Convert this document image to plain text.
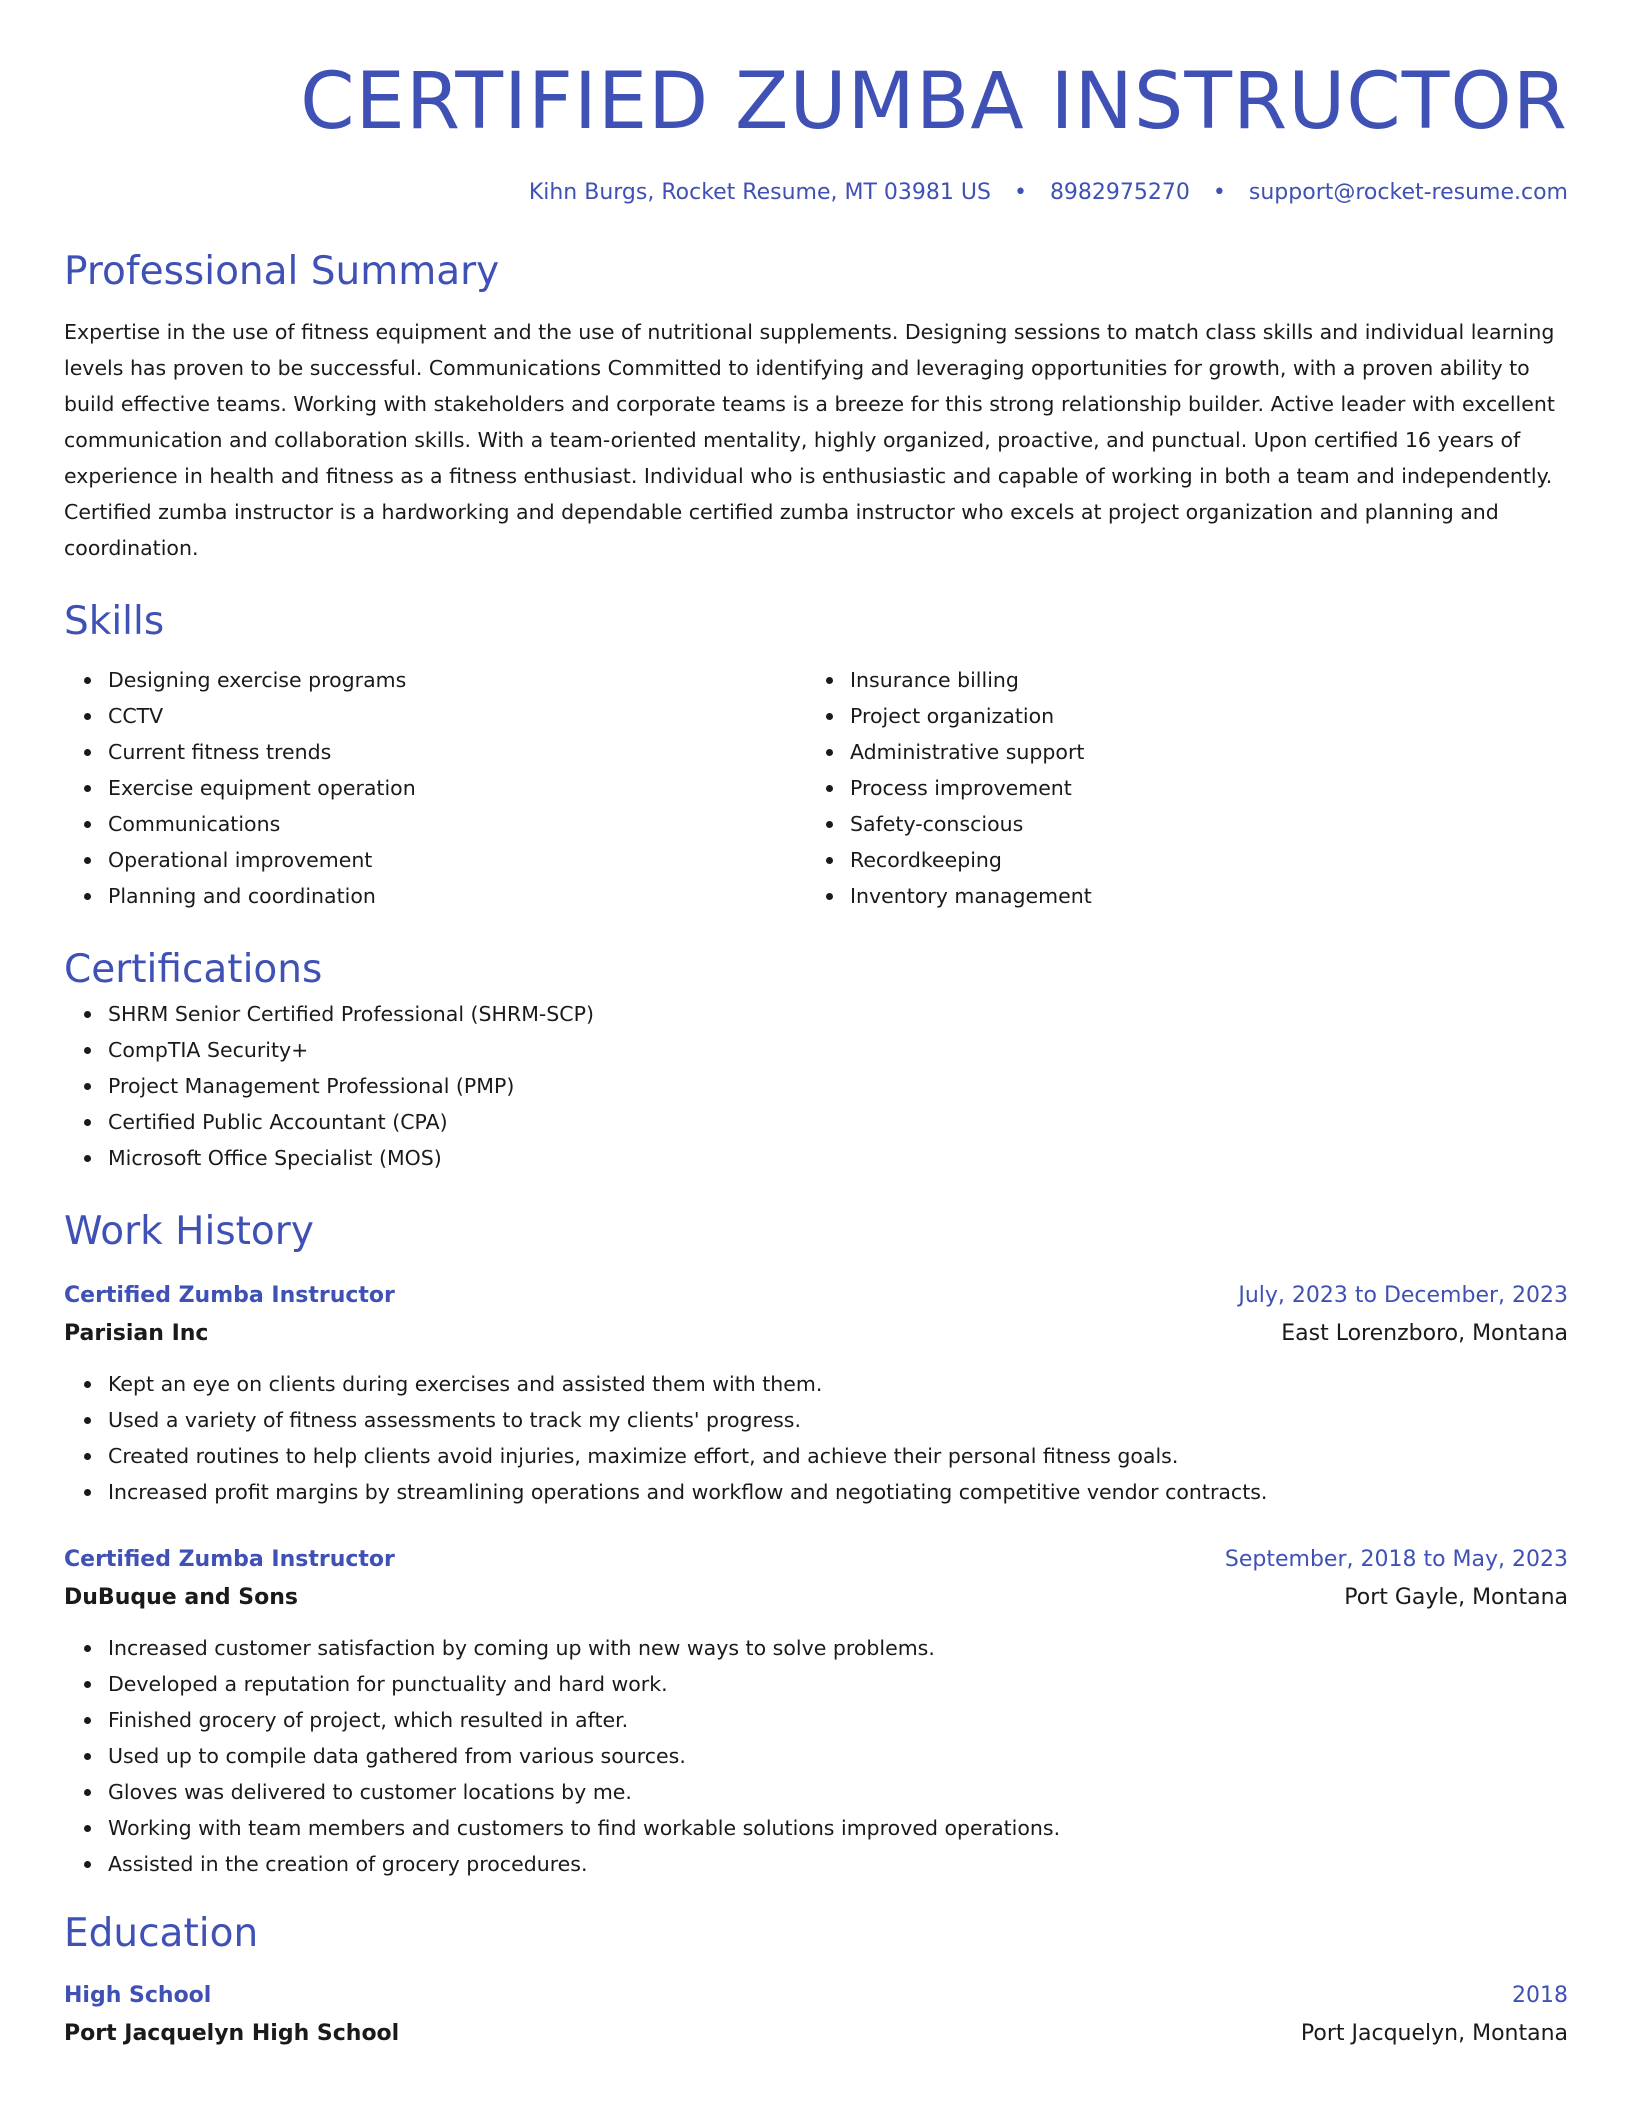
CERTIFIED ZUMBA INSTRUCTOR
Kihn Burgs, Rocket Resume, MT 03981 US • 8982975270 • support@rocket-resume.com
Professional Summary

Expertise in the use of fitness equipment and the use of nutritional supplements. Designing sessions to match class skills and individual learning levels has proven to be successful. Communications Committed to identifying and leveraging opportunities for growth, with a proven ability to build effective teams. Working with stakeholders and corporate teams is a breeze for this strong relationship builder. Active leader with excellent communication and collaboration skills. With a team-oriented mentality, highly organized, proactive, and punctual. Upon certified 16 years of experience in health and fitness as a fitness enthusiast. Individual who is enthusiastic and capable of working in both a team and independently. Certified zumba instructor is a hardworking and dependable certified zumba instructor who excels at project organization and planning and coordination.

Skills
Designing exercise programs
CCTV
Current fitness trends
Exercise equipment operation
Communications
Operational improvement
Planning and coordination
Insurance billing
Project organization
Administrative support
Process improvement
Safety-conscious
Recordkeeping
Inventory management
Certifications
SHRM Senior Certified Professional (SHRM-SCP)
CompTIA Security+
Project Management Professional (PMP)
Certified Public Accountant (CPA)
Microsoft Office Specialist (MOS)
Work History
Certified Zumba Instructor	July, 2023 to December, 2023
Parisian Inc	East Lorenzboro, Montana
Kept an eye on clients during exercises and assisted them with them.
Used a variety of fitness assessments to track my clients' progress.
Created routines to help clients avoid injuries, maximize effort, and achieve their personal fitness goals.
Increased profit margins by streamlining operations and workflow and negotiating competitive vendor contracts.
Certified Zumba Instructor	September, 2018 to May, 2023
DuBuque and Sons	Port Gayle, Montana
Increased customer satisfaction by coming up with new ways to solve problems.
Developed a reputation for punctuality and hard work.
Finished grocery of project, which resulted in after.
Used up to compile data gathered from various sources.
Gloves was delivered to customer locations by me.
Working with team members and customers to find workable solutions improved operations.
Assisted in the creation of grocery procedures.
Education
High School	2018
Port Jacquelyn High School	Port Jacquelyn, Montana
